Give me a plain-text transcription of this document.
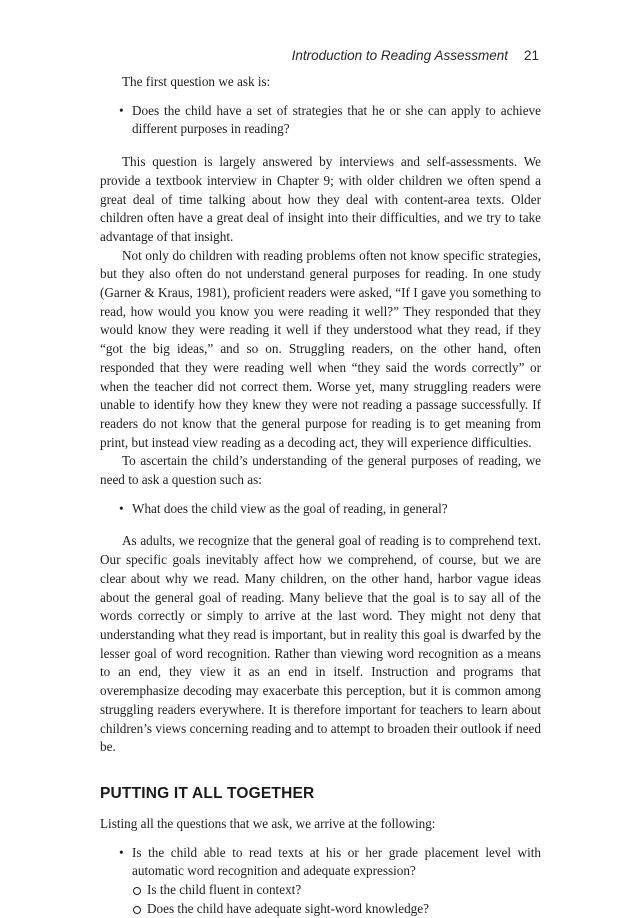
Introduction to Reading Assessment 21

The first question we ask is:

• Does the child have a set of strategies that he or she can apply to achieve different purposes in reading?

This question is largely answered by interviews and self-assessments. We provide a textbook interview in Chapter 9; with older children we often spend a great deal of time talking about how they deal with content-area texts. Older children often have a great deal of insight into their difficulties, and we try to take advantage of that insight.

Not only do children with reading problems often not know specific strategies, but they also often do not understand general purposes for reading. In one study (Garner & Kraus, 1981), proficient readers were asked, “If I gave you something to read, how would you know you were reading it well?” They responded that they would know they were reading it well if they understood what they read, if they “got the big ideas,” and so on. Struggling readers, on the other hand, often responded that they were reading well when “they said the words correctly” or when the teacher did not correct them. Worse yet, many struggling readers were unable to identify how they knew they were not reading a passage successfully. If readers do not know that the general purpose for reading is to get meaning from print, but instead view reading as a decoding act, they will experience difficulties.

To ascertain the child’s understanding of the general purposes of reading, we need to ask a question such as:

• What does the child view as the goal of reading, in general?

As adults, we recognize that the general goal of reading is to comprehend text. Our specific goals inevitably affect how we comprehend, of course, but we are clear about why we read. Many children, on the other hand, harbor vague ideas about the general goal of reading. Many believe that the goal is to say all of the words correctly or simply to arrive at the last word. They might not deny that understanding what they read is important, but in reality this goal is dwarfed by the lesser goal of word recognition. Rather than viewing word recognition as a means to an end, they view it as an end in itself. Instruction and programs that overemphasize decoding may exacerbate this perception, but it is common among struggling readers everywhere. It is therefore important for teachers to learn about children’s views concerning reading and to attempt to broaden their outlook if need be.

PUTTING IT ALL TOGETHER

Listing all the questions that we ask, we arrive at the following:

• Is the child able to read texts at his or her grade placement level with automatic word recognition and adequate expression?
Is the child fluent in context?
Does the child have adequate sight-word knowledge?
